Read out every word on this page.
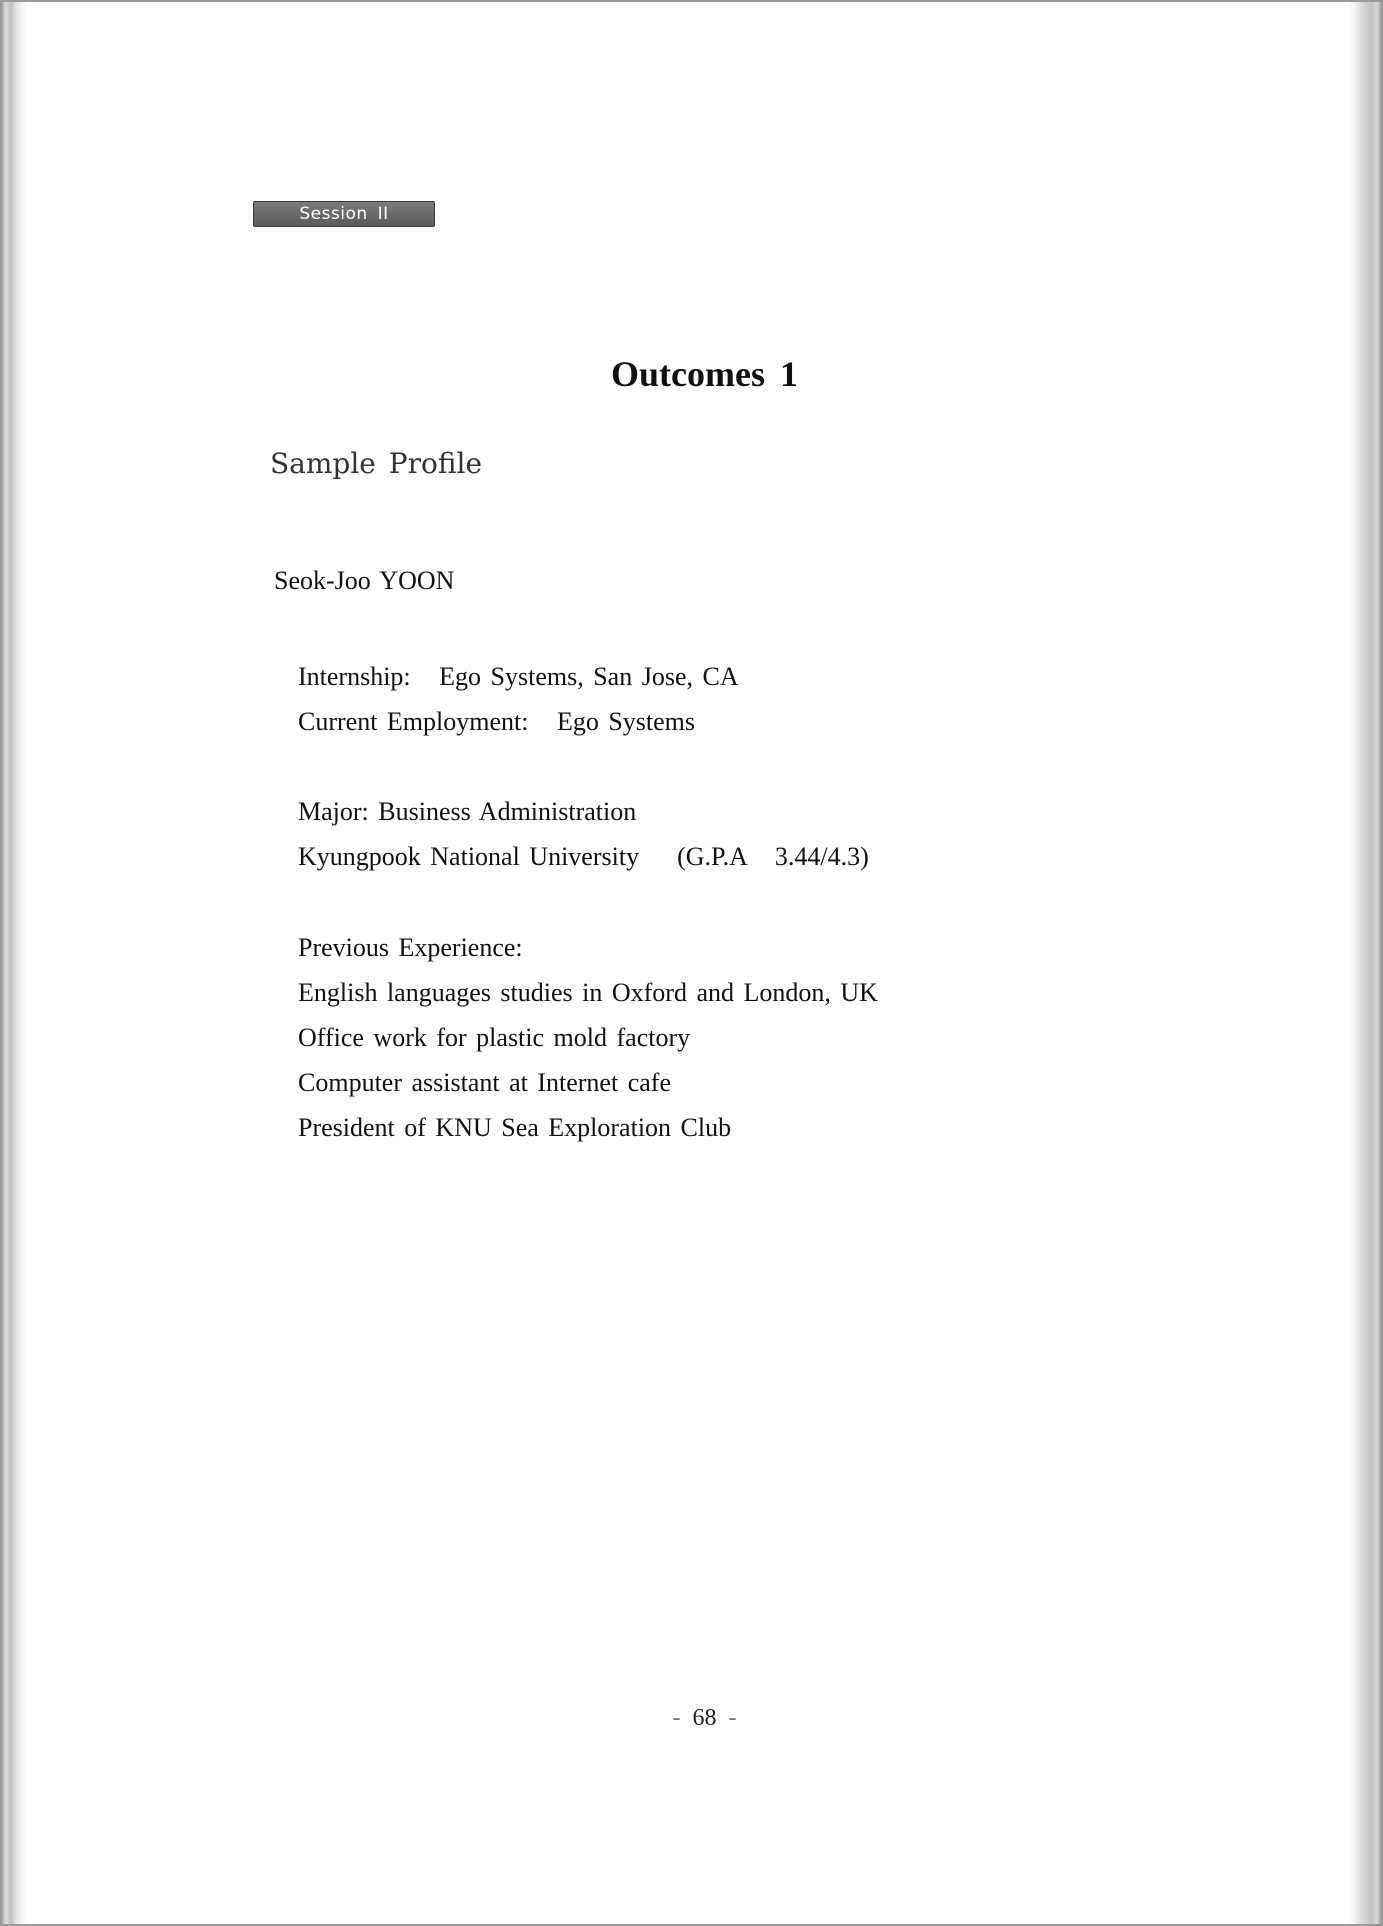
Session II
Outcomes 1
Sample Profile
Seok-Joo YOON
Internship:   Ego Systems, San Jose, CA
Current Employment:   Ego Systems
Major: Business Administration
Kyungpook National University    (G.P.A   3.44/4.3)
Previous Experience:
English languages studies in Oxford and London, UK
Office work for plastic mold factory
Computer assistant at Internet cafe
President of KNU Sea Exploration Club
- 68 -
